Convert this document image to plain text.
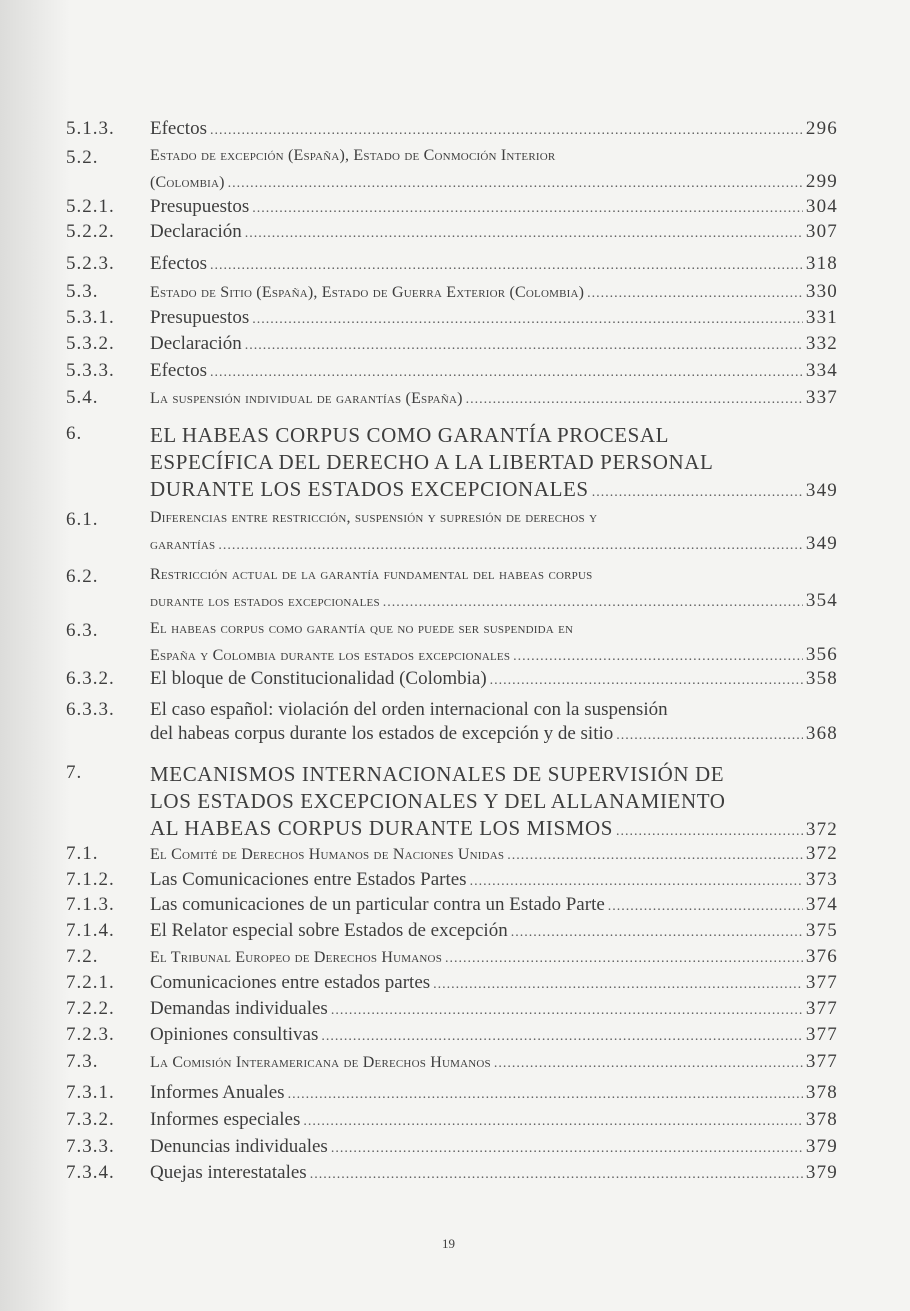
5.1.3. Efectos .....	296
5.2.	Estado de excepción (España), Estado de Conmoción Interior
(Colombia) .....	299
5.2.1. Presupuestos .....	304
5.2.2. Declaración .....	307
5.2.3. Efectos .....	318
5.3.	Estado de Sitio (España), Estado de Guerra Exterior (Colombia) .....	330
5.3.1. Presupuestos .....	331
5.3.2. Declaración .....	332
5.3.3. Efectos .....	334
5.4.	La suspensión individual de garantías (España) .....	337
6.	EL HABEAS CORPUS COMO GARANTÍA PROCESAL
ESPECÍFICA DEL DERECHO A LA LIBERTAD PERSONAL
DURANTE LOS ESTADOS EXCEPCIONALES .....	349
6.1.	Diferencias entre restricción, suspensión y supresión de derechos y
garantías .....	349
6.2.	Restricción actual de la garantía fundamental del habeas corpus
durante los estados excepcionales .....	354
6.3.	El habeas corpus como garantía que no puede ser suspendida en
España y Colombia durante los estados excepcionales .....	356
6.3.2. El bloque de Constitucionalidad (Colombia) .....	358
6.3.3. El caso español: violación del orden internacional con la suspensión
del habeas corpus durante los estados de excepción y de sitio .....	368
7.	MECANISMOS INTERNACIONALES DE SUPERVISIÓN DE
LOS ESTADOS EXCEPCIONALES Y DEL ALLANAMIENTO
AL HABEAS CORPUS DURANTE LOS MISMOS .....	372
7.1.	El Comité de Derechos Humanos de Naciones Unidas .....	372
7.1.2. Las Comunicaciones entre Estados Partes .....	373
7.1.3. Las comunicaciones de un particular contra un Estado Parte .....	374
7.1.4. El Relator especial sobre Estados de excepción .....	375
7.2.	El Tribunal Europeo de Derechos Humanos .....	376
7.2.1. Comunicaciones entre estados partes .....	377
7.2.2. Demandas individuales .....	377
7.2.3. Opiniones consultivas .....	377
7.3.	La Comisión Interamericana de Derechos Humanos .....	377
7.3.1. Informes Anuales .....	378
7.3.2. Informes especiales .....	378
7.3.3. Denuncias individuales .....	379
7.3.4. Quejas interestatales .....	379
19
